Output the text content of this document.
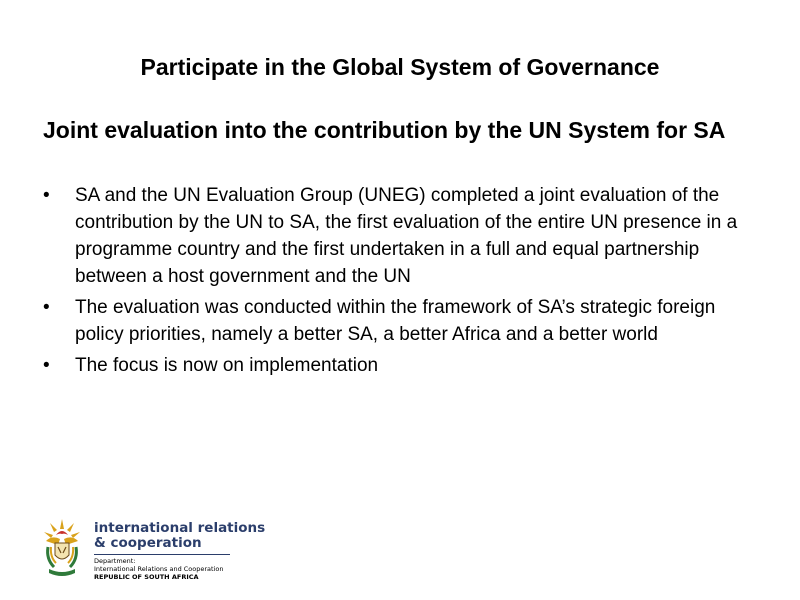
Participate in the Global System of Governance
Joint evaluation into the contribution by the UN System for SA
• SA and the UN Evaluation Group (UNEG) completed a joint evaluation of the contribution by the UN to SA, the first evaluation of the entire UN presence in a programme country and the first undertaken in a full and equal partnership between a host government and the UN
• The evaluation was conducted within the framework of SA’s strategic foreign policy priorities, namely a better SA, a better Africa and a better world
• The focus is now on implementation
international relations
& cooperation
Department:
International Relations and Cooperation
REPUBLIC OF SOUTH AFRICA
